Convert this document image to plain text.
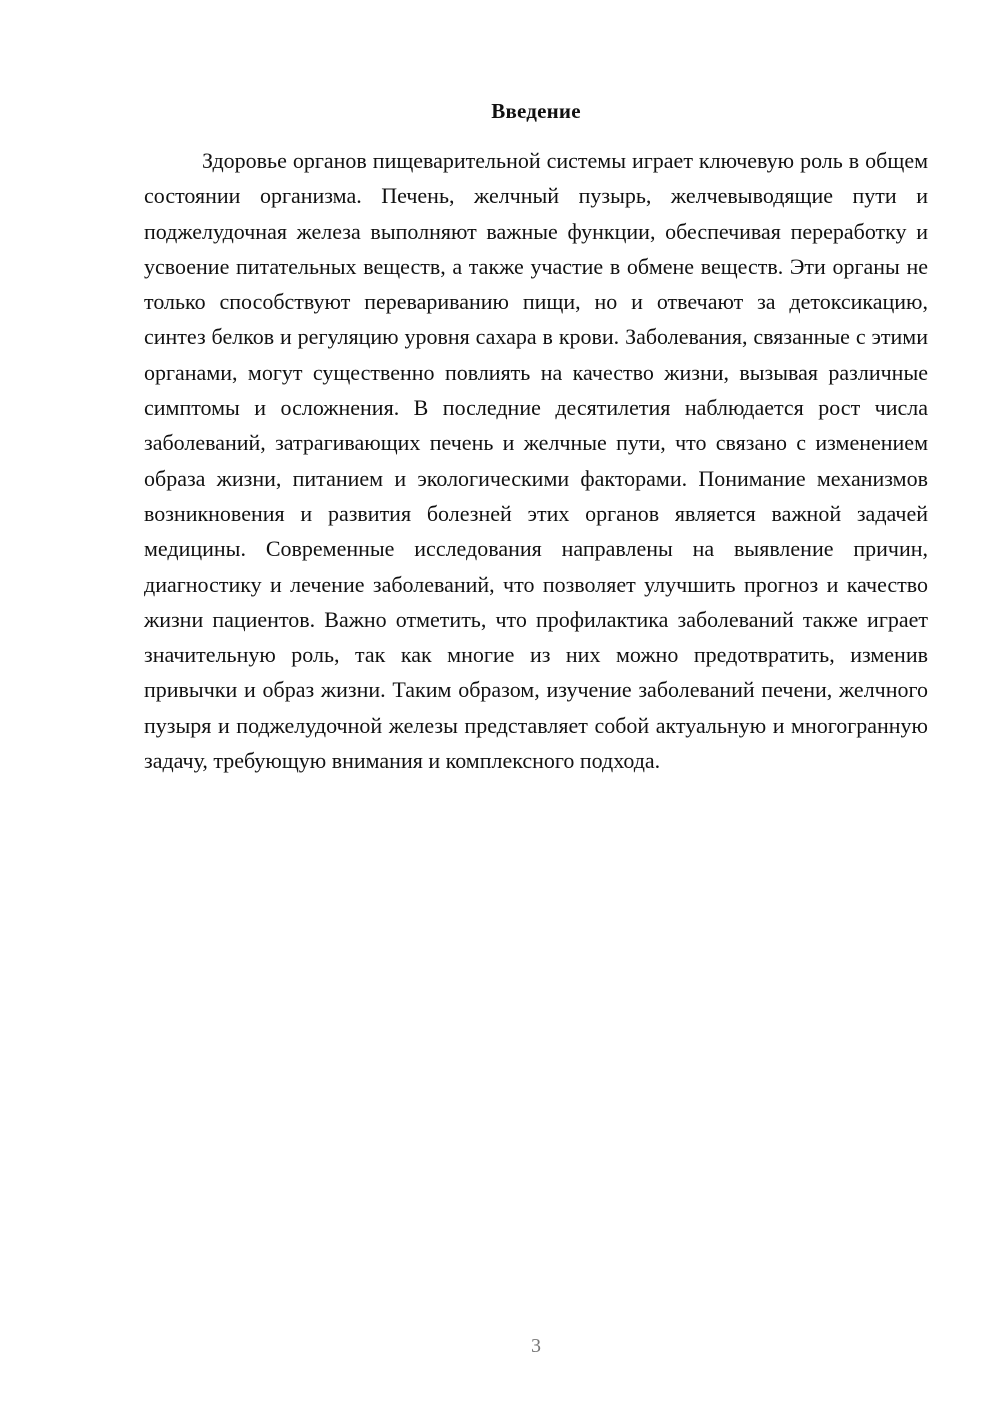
Введение

Здоровье органов пищеварительной системы играет ключевую роль в общем состоянии организма. Печень, желчный пузырь, желчевыводящие пути и поджелудочная железа выполняют важные функции, обеспечивая переработку и усвоение питательных веществ, а также участие в обмене веществ. Эти органы не только способствуют перевариванию пищи, но и отвечают за детоксикацию, синтез белков и регуляцию уровня сахара в крови. Заболевания, связанные с этими органами, могут существенно повлиять на качество жизни, вызывая различные симптомы и осложнения. В последние десятилетия наблюдается рост числа заболеваний, затрагивающих печень и желчные пути, что связано с изменением образа жизни, питанием и экологическими факторами. Понимание механизмов возникновения и развития болезней этих органов является важной задачей медицины. Современные исследования направлены на выявление причин, диагностику и лечение заболеваний, что позволяет улучшить прогноз и качество жизни пациентов. Важно отметить, что профилактика заболеваний также играет значительную роль, так как многие из них можно предотвратить, изменив привычки и образ жизни. Таким образом, изучение заболеваний печени, желчного пузыря и поджелудочной железы представляет собой актуальную и многогранную задачу, требующую внимания и комплексного подхода.

3
